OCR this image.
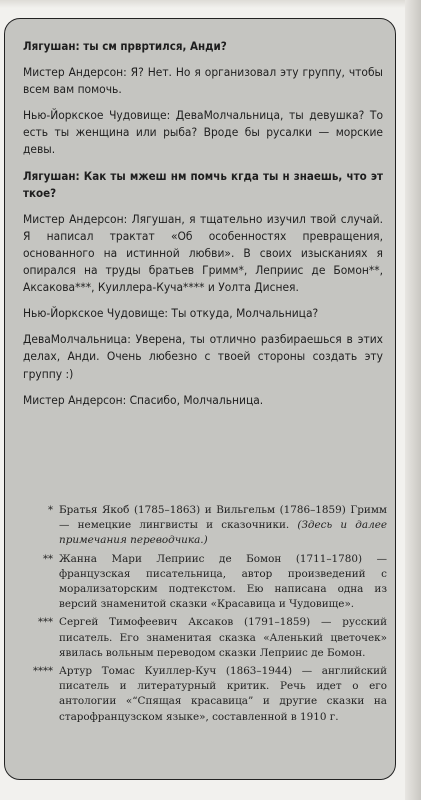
Лягушан: ты см првртился, Анди?

Мистер Андерсон: Я? Нет. Но я организовал эту группу, чтобы всем вам помочь.

Нью-Йоркское Чудовище: ДеваМолчальница, ты девушка? То есть ты женщина или рыба? Вроде бы русалки — морские девы.

Лягушан: Как ты мжеш нм помчь кгда ты н знаешь, что эт ткое?

Мистер Андерсон: Лягушан, я тщательно изучил твой случай. Я написал трактат «Об особенностях превращения, основанного на истинной любви». В своих изысканиях я опирался на труды братьев Гримм*, Леприис де Бомон**, Аксакова***, Куиллера-Куча**** и Уолта Диснея.

Нью-Йоркское Чудовище: Ты откуда, Молчальница?

ДеваМолчальница: Уверена, ты отлично разбираешься в этих делах, Анди. Очень любезно с твоей стороны создать эту группу :)

Мистер Андерсон: Спасибо, Молчальница.

* Братья Якоб (1785–1863) и Вильгельм (1786–1859) Гримм — немецкие лингвисты и сказочники. (Здесь и далее примечания переводчика.)
** Жанна Мари Леприис де Бомон (1711–1780) — французская писательница, автор произведений с морализаторским подтекстом. Ею написана одна из версий знаменитой сказки «Красавица и Чудовище».
*** Сергей Тимофеевич Аксаков (1791–1859) — русский писатель. Его знаменитая сказка «Аленький цветочек» явилась вольным переводом сказки Леприис де Бомон.
**** Артур Томас Куиллер-Куч (1863–1944) — английский писатель и литературный критик. Речь идет о его антологии «“Спящая красавица” и другие сказки на старофранцузском языке», составленной в 1910 г.
